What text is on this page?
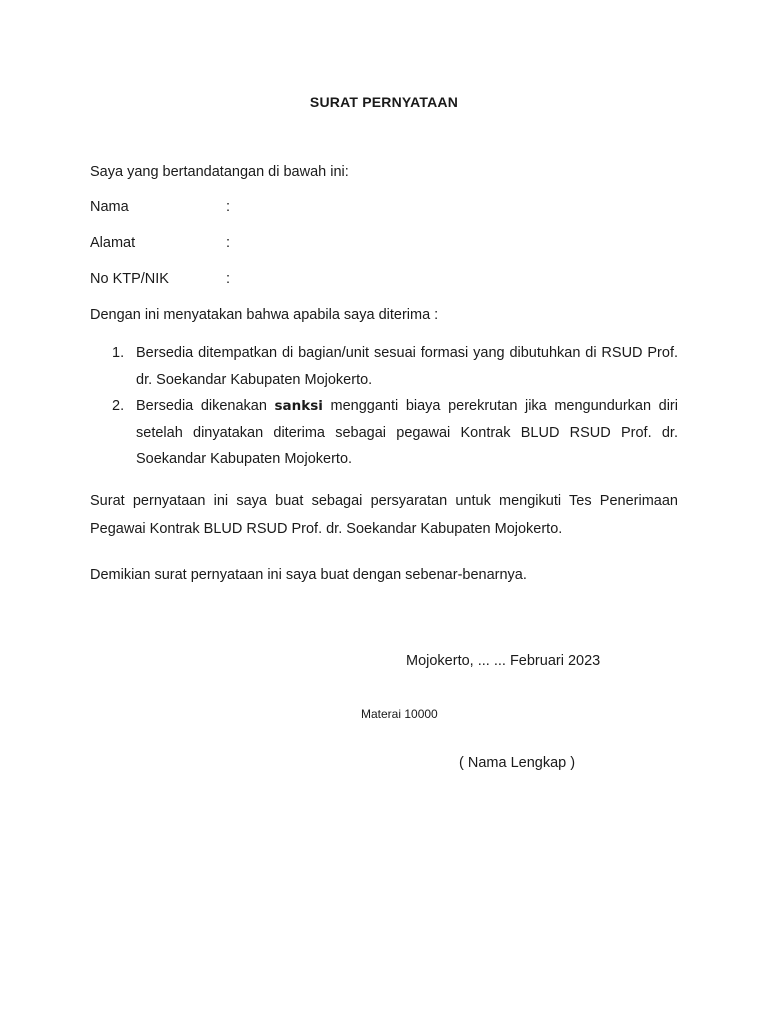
SURAT PERNYATAAN
Saya yang bertandatangan di bawah ini:
Nama	:
Alamat	:
No KTP/NIK	:
Dengan ini menyatakan bahwa apabila saya diterima :
1. Bersedia ditempatkan di bagian/unit sesuai formasi yang dibutuhkan di RSUD Prof. dr. Soekandar Kabupaten Mojokerto.
2. Bersedia dikenakan sanksi mengganti biaya perekrutan jika mengundurkan diri setelah dinyatakan diterima sebagai pegawai Kontrak BLUD RSUD Prof. dr. Soekandar Kabupaten Mojokerto.
Surat pernyataan ini saya buat sebagai persyaratan untuk mengikuti Tes Penerimaan Pegawai Kontrak BLUD RSUD Prof. dr. Soekandar Kabupaten Mojokerto.
Demikian surat pernyataan ini saya buat dengan sebenar-benarnya.
Mojokerto, ... ... Februari 2023
Materai 10000
( Nama Lengkap )
